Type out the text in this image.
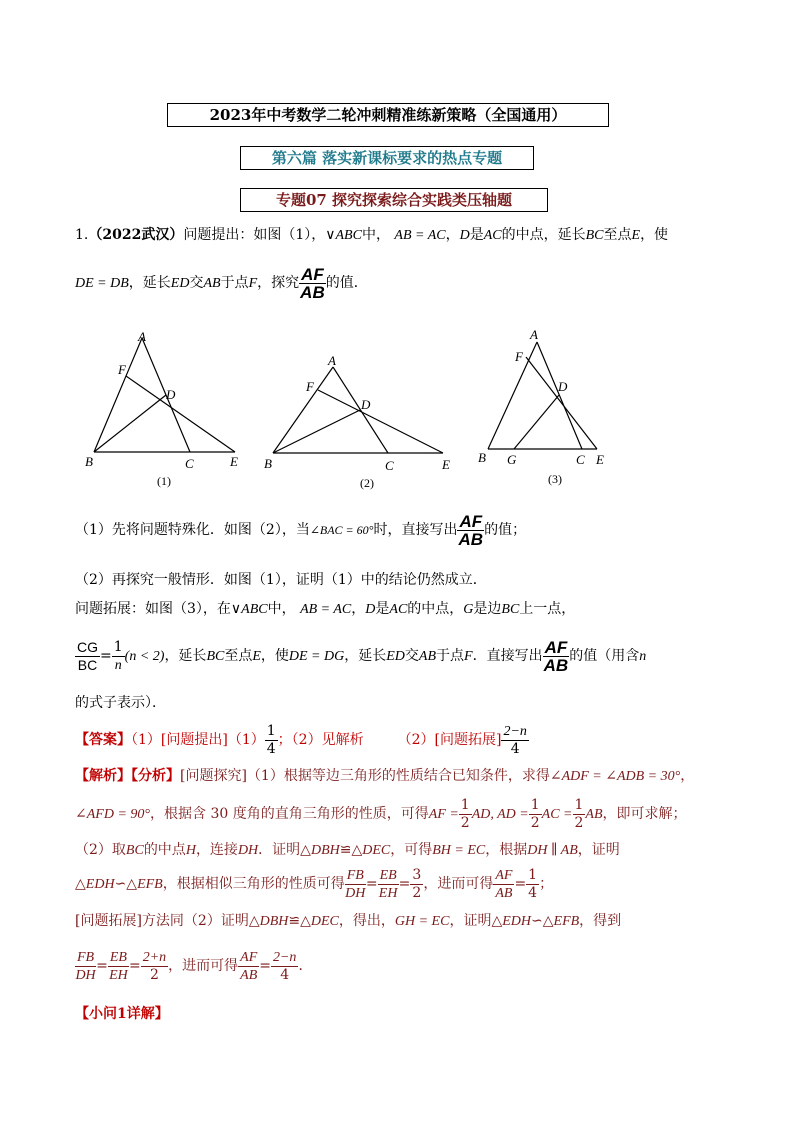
2023年中考数学二轮冲刺精准练新策略（全国通用）
第六篇 落实新课标要求的热点专题
专题07 探究探索综合实践类压轴题
1.（2022武汉）问题提出：如图（1），∨ABC中， AB = AC，D是AC的中点，延长BC至点E，使
DE = DB，延长ED交AB于点F，探究 $\frac{AF}{AB}$ 的值．
A
F
D
B	C	E
(1)
A
F
D
B	C	E
(2)
A
F
D
B G	C E
(3)
（1）先将问题特殊化．如图（2），当∠BAC = 60°时，直接写出 $\frac{AF}{AB}$ 的值；
（2）再探究一般情形．如图（1），证明（1）中的结论仍然成立．
问题拓展：如图（3），在∨ABC中， AB = AC，D是AC的中点，G是边BC上一点，
$\frac{CG}{BC} = \frac{1}{n} (n < 2)$，延长BC至点E，使DE = DG，延长ED交AB于点F．直接写出 $\frac{AF}{AB}$ 的值（用含n
的式子表示）．
【答案】（1）[问题提出]$(1) \frac{1}{4}$ ；（2）见解析 （2）[问题拓展] $\frac{2-n}{4}$
【解析】【分析】[问题探究]（1）根据等边三角形的性质结合已知条件，求得∠ADF = ∠ADB = 30°，
∠AFD = 90°，根据含 30 度角的直角三角形的性质，可得AF = $\frac{1}{2}$ AD, AD = $\frac{1}{2}$ AC = $\frac{1}{2}$ AB，即可求解；
（2）取BC的中点H，连接DH．证明△DBH≌△DEC，可得BH = EC，根据DH ∥ AB，证明
△EDH∽△EFB，根据相似三角形的性质可得 $\frac{FB}{DH} = \frac{EB}{EH} = \frac{3}{2}$ ，进而可得 $\frac{AF}{AB} = \frac{1}{4}$ ；
[问题拓展]方法同（2）证明△DBH≌△DEC，得出，GH = EC，证明△EDH∽△EFB，得到
$\frac{FB}{DH} = \frac{EB}{EH} = \frac{2+n}{2}$ ，进而可得 $\frac{AF}{AB} = \frac{2-n}{4}$ ．
【小问1详解】
